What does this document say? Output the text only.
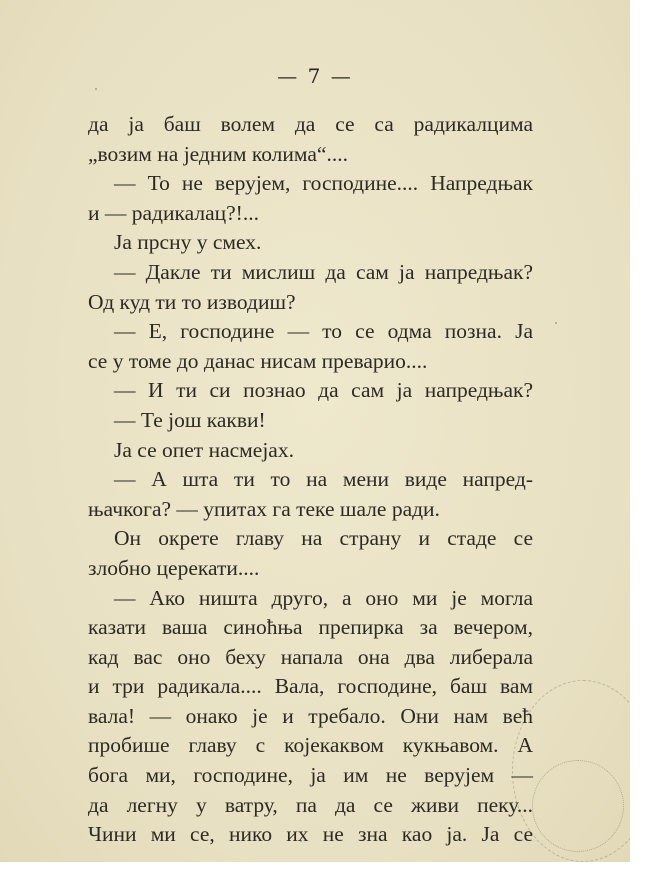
— 7 —
да ја баш волем да се са радикалцима
„возим на једним колима“....
— То не верујем, господине.... Напредњак
и — радикалац?!...
Ја прсну у смех.
— Дакле ти мислиш да сам ја напредњак?
Од куд ти то изводиш?
— Е, господине — то се одма позна. Ја
се у томе до данас нисам преварио....
— И ти си познао да сам ја напредњак?
— Те још какви!
Ја се опет насмејах.
— А шта ти то на мени виде напред-
њачкога? — упитах га теке шале ради.
Он окрете главу на страну и стаде се
злобно церекати....
— Ако ништа друго, а оно ми је могла
казати ваша синоћња препирка за вечером,
кад вас оно беху напала она два либерала
и три радикала.... Вала, господине, баш вам
вала! — онако је и требало. Они нам већ
пробише главу с којекаквом кукњавом. А
бога ми, господине, ја им не верујем —
да легну у ватру, па да се живи пеку...
Чини ми се, нико их не зна као ја. Ја се
